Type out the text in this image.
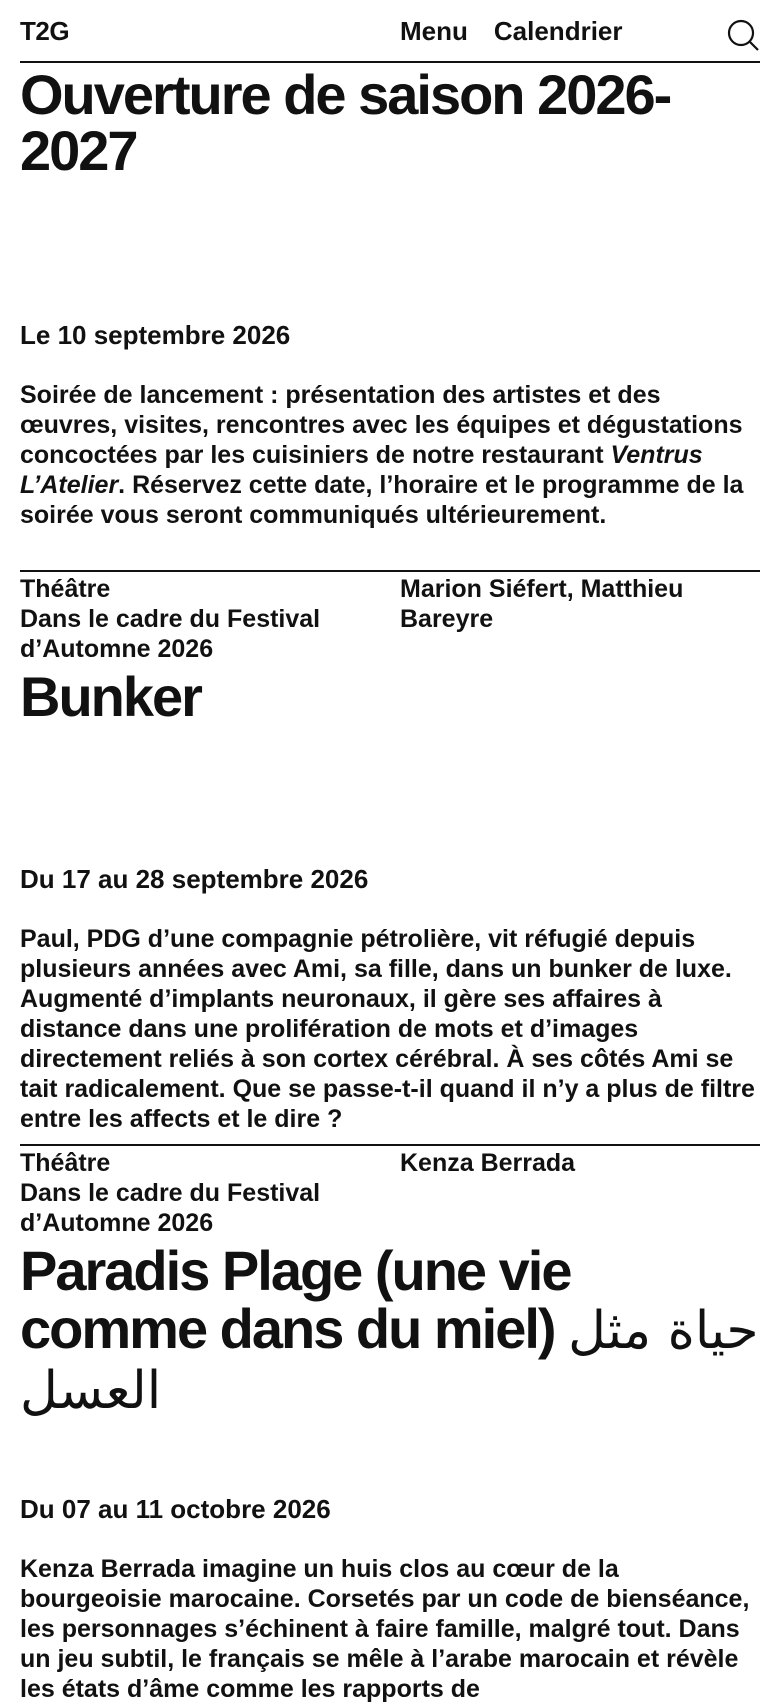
T2G	Menu Calendrier
Ouverture de saison 2026-2027
Le 10 septembre 2026

Soirée de lancement : présentation des artistes et des œuvres, visites, rencontres avec les équipes et dégustations concoctées par les cuisiniers de notre restaurant Ventrus L’Atelier. Réservez cette date, l’horaire et le programme de la soirée vous seront communiqués ultérieurement.

Théâtre
Dans le cadre du Festival d’Automne 2026
Marion Siéfert, Matthieu Bareyre
Bunker
Du 17 au 28 septembre 2026

Paul, PDG d’une compagnie pétrolière, vit réfugié depuis plusieurs années avec Ami, sa fille, dans un bunker de luxe. Augmenté d’implants neuronaux, il gère ses affaires à distance dans une prolifération de mots et d’images directement reliés à son cortex cérébral. À ses côtés Ami se tait radicalement. Que se passe-t-il quand il n’y a plus de filtre entre les affects et le dire ?

Théâtre
Dans le cadre du Festival d’Automne 2026
Kenza Berrada
Paradis Plage (une vie comme dans du miel) حياة مثل العسل
Du 07 au 11 octobre 2026

Kenza Berrada imagine un huis clos au cœur de la bourgeoisie marocaine. Corsetés par un code de bienséance, les personnages s’échinent à faire famille, malgré tout. Dans un jeu subtil, le français se mêle à l’arabe marocain et révèle les états d’âme comme les rapports de
